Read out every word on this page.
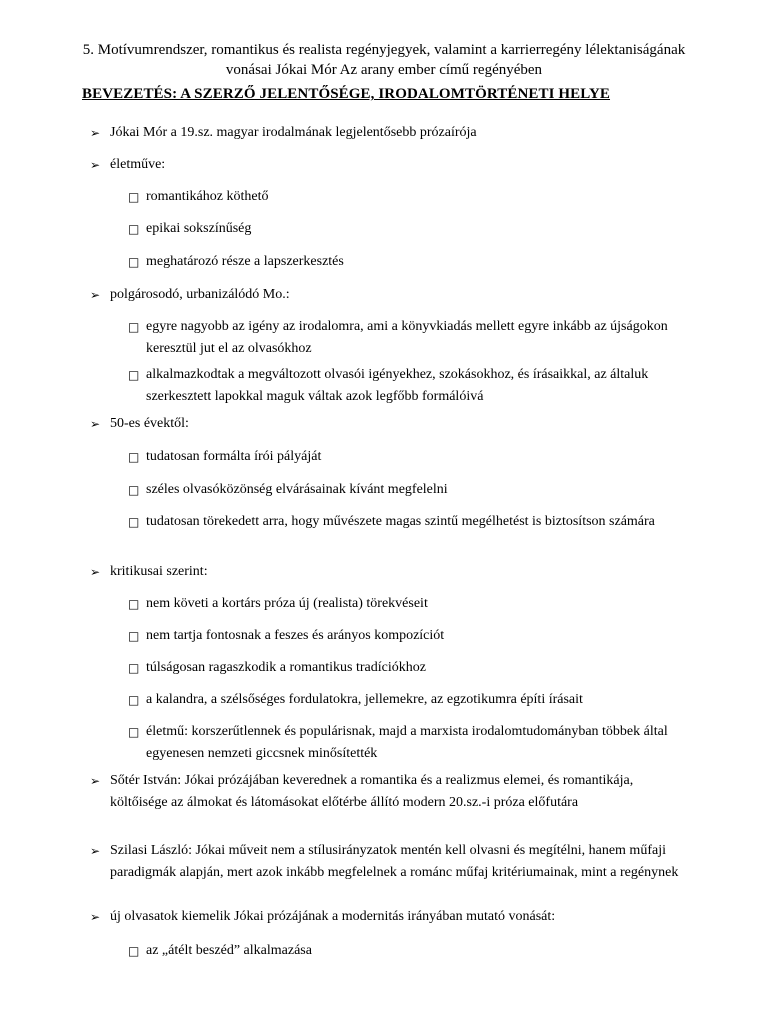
5. Motívumrendszer, romantikus és realista regényjegyek, valamint a karrierregény lélektaniságának vonásai Jókai Mór Az arany ember című regényében
BEVEZETÉS: A SZERZŐ JELENTŐSÉGE, IRODALOMTÖRTÉNETI HELYE
➢ Jókai Mór a 19.sz. magyar irodalmának legjelentősebb prózaírója
➢ életműve:
□ romantikához köthető
□ epikai sokszínűség
□ meghatározó része a lapszerkesztés
➢ polgárosodó, urbanizálódó Mo.:
□ egyre nagyobb az igény az irodalomra, ami a könyvkiadás mellett egyre inkább az újságokon keresztül jut el az olvasókhoz
□ alkalmazkodtak a megváltozott olvasói igényekhez, szokásokhoz, és írásaikkal, az általuk szerkesztett lapokkal maguk váltak azok legfőbb formálóivá
➢ 50-es évektől:
□ tudatosan formálta írói pályáját
□ széles olvasóközönség elvárásainak kívánt megfelelni
□ tudatosan törekedett arra, hogy művészete magas szintű megélhetést is biztosítson számára
➢ kritikusai szerint:
□ nem követi a kortárs próza új (realista) törekvéseit
□ nem tartja fontosnak a feszes és arányos kompozíciót
□ túlságosan ragaszkodik a romantikus tradíciókhoz
□ a kalandra, a szélsőséges fordulatokra, jellemekre, az egzotikumra építi írásait
□ életmű: korszerűtlennek és populárisnak, majd a marxista irodalomtudományban többek által egyenesen nemzeti giccsnek minősítették
➢ Sőtér István: Jókai prózájában keverednek a romantika és a realizmus elemei, és romantikája, költőisége az álmokat és látomásokat előtérbe állító modern 20.sz.-i próza előfutára
➢ Szilasi László: Jókai műveit nem a stílusirányzatok mentén kell olvasni és megítélni, hanem műfaji paradigmák alapján, mert azok inkább megfelelnek a románc műfaj kritériumainak, mint a regénynek
➢ új olvasatok kiemelik Jókai prózájának a modernitás irányában mutató vonását:
□ az „átélt beszéd” alkalmazása
